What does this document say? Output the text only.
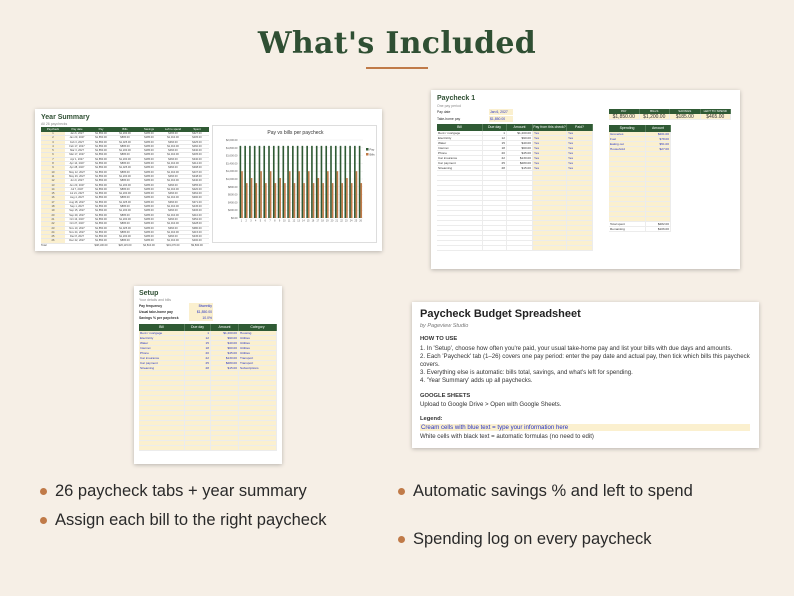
What's Included
Year Summary
All 26 paychecks
Paycheck	Pay date	Pay	Bills	Savings	Left to spend	Spent
1	Jan 6, 2027	$1,850.00	$1,200.00	$185.00	$465.00	$327.00
2	Jan 20, 2027	$1,850.00	$895.00	$185.00	$1,010.00	$405.00
3	Feb 3, 2027	$1,850.00	$1,025.00	$185.00	$366.00	$425.00
4	Feb 17, 2027	$1,850.00	$895.00	$185.00	$1,010.00	$460.00
5	Mar 3, 2027	$1,850.00	$1,200.00	$185.00	$466.00	$340.00
6	Mar 17, 2027	$1,850.00	$895.00	$185.00	$1,010.00	$405.00
7	Apr 1, 2027	$1,850.00	$1,200.00	$185.00	$466.00	$340.00
8	Apr 14, 2027	$1,850.00	$895.00	$185.00	$1,010.00	$412.00
9	Apr 28, 2027	$1,850.00	$1,025.00	$185.00	$366.00	$398.00
10	May 12, 2027	$1,850.00	$895.00	$185.00	$1,010.00	$437.00
11	May 26, 2027	$1,850.00	$1,200.00	$185.00	$466.00	$348.00
12	Jun 9, 2027	$1,850.00	$895.00	$185.00	$1,010.00	$440.00
13	Jun 23, 2027	$1,850.00	$1,200.00	$185.00	$466.00	$355.00
14	Jul 7, 2027	$1,850.00	$895.00	$185.00	$1,010.00	$420.00
15	Jul 21, 2027	$1,850.00	$1,200.00	$185.00	$466.00	$362.00
16	Aug 4, 2027	$1,850.00	$895.00	$185.00	$1,010.00	$390.00
17	Aug 18, 2027	$1,850.00	$1,025.00	$185.00	$366.00	$371.00
18	Sep 1, 2027	$1,850.00	$895.00	$185.00	$1,010.00	$445.00
19	Sep 15, 2027	$1,850.00	$1,200.00	$185.00	$466.00	$336.00
20	Sep 29, 2027	$1,850.00	$895.00	$185.00	$1,010.00	$410.00
21	Oct 13, 2027	$1,850.00	$1,200.00	$185.00	$466.00	$352.00
22	Oct 27, 2027	$1,850.00	$895.00	$185.00	$1,010.00	$428.00
23	Nov 10, 2027	$1,850.00	$1,025.00	$185.00	$366.00	$380.00
24	Nov 24, 2027	$1,850.00	$895.00	$185.00	$1,010.00	$415.00
25	Dec 8, 2027	$1,850.00	$1,200.00	$185.00	$466.00	$345.00
26	Dec 22, 2027	$1,850.00	$895.00	$185.00	$1,010.00	$400.00
Total	$48,100.00	$26,115.00	$4,810.00	$19,276.00	$9,830.00
Pay vs bills per paycheck
$2,000.00
$1,800.00
$1,600.00
$1,400.00
$1,200.00
$1,000.00
$800.00
$600.00
$400.00
$200.00
$0.00
1 2 3 4 5 6 7 8 9 10 11 12 13 14 15 16 17 18 19 20 21 22 23 24 25 26
Pay
Bills
Paycheck 1
One pay period
Pay date	Jan 6, 2027
Take-home pay	$1,850.00
Bill	Due day	Amount	Pay from this check?	Paid?
Rent / mortgage	1	$1,200.00 Yes	Yes
Electricity	12	$90.00 Yes	Yes
Water	15	$40.00 Yes	Yes
Internet	18	$60.00 Yes	Yes
Phone	20	$45.00 Yes	Yes
Car insurance	22	$130.00 Yes	Yes
Car payment	25	$280.00 Yes	Yes
Streaming	28	$15.00 Yes	Yes
PAY	BILLS	SAVINGS	LEFT TO SPEND
$1,850.00	$1,200.00	$185.00	$465.00
Spending	Amount
Groceries	$201.00
Fuel	$78.00
Eating out	$51.00
Household	$27.00
Total spent	$282.00
Remaining	$106.00
Setup
Your details and bills
Pay frequency	Biweekly
Usual take-home pay	$1,850.00
Savings % per paycheck	10.0%
Bill	Due day	Amount	Category
Rent / mortgage	1	$1,200.00 Housing
Electricity	12	$90.00 Utilities
Water	15	$40.00 Utilities
Internet	18	$60.00 Utilities
Phone	20	$45.00 Utilities
Car insurance	22	$130.00 Transport
Car payment	25	$280.00 Transport
Streaming	28	$15.00 Subscriptions
Paycheck Budget Spreadsheet
by Pageview Studio
HOW TO USE
1. In 'Setup', choose how often you're paid, your usual take-home pay and list your bills with due days and amounts.
2. Each 'Paycheck' tab (1–26) covers one pay period: enter the pay date and actual pay, then tick which bills this paycheck
covers.
3. Everything else is automatic: bills total, savings, and what's left for spending.
4. 'Year Summary' adds up all paychecks.
GOOGLE SHEETS
Upload to Google Drive > Open with Google Sheets.
Legend:
Cream cells with blue text = type your information here
White cells with black text = automatic formulas (no need to edit)
26 paycheck tabs + year summary
Assign each bill to the right paycheck
Automatic savings % and left to spend
Spending log on every paycheck
